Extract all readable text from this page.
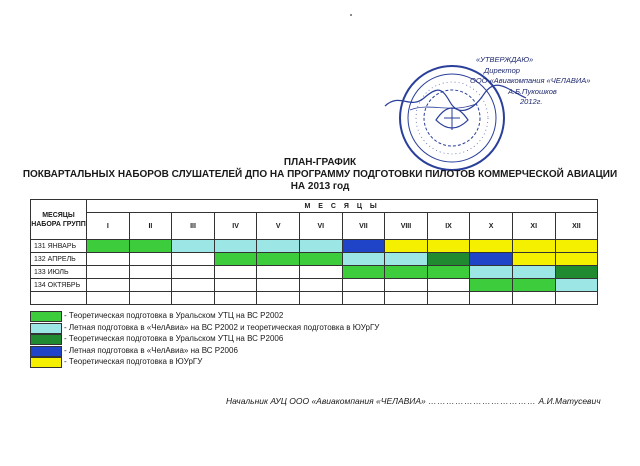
«УТВЕРЖДАЮ»
Директор
ООО «Авиакомпания «ЧЕЛАВИА»
А.Б.Пукошков
2012г.
ПЛАН-ГРАФИК
ПОКВАРТАЛЬНЫХ НАБОРОВ СЛУШАТЕЛЕЙ ДПО НА ПРОГРАММУ ПОДГОТОВКИ ПИЛОТОВ КОММЕРЧЕСКОЙ АВИАЦИИ
НА 2013 год
МЕСЯЦЫ НАБОРА ГРУПП	М Е С Я Ц Ы											
	I	II	III	IV	V	VI	VII	VIII	IX	X	XI	XII
131 ЯНВАРЬ												
132 АПРЕЛЬ												
133 ИЮЛЬ												
134 ОКТЯБРЬ												

- Теоретическая подготовка в Уральском УТЦ на ВС Р2002
- Летная подготовка в «ЧелАвиа» на ВС Р2002 и теоретическая подготовка в ЮУрГУ
- Теоретическая подготовка в Уральском УТЦ на ВС Р2006
- Летная подготовка в «ЧелАвиа» на ВС Р2006
- Теоретическая подготовка в ЮУрГУ
Начальник АУЦ ООО «Авиакомпания «ЧЕЛАВИА» ……………………………… А.И.Матусевич
